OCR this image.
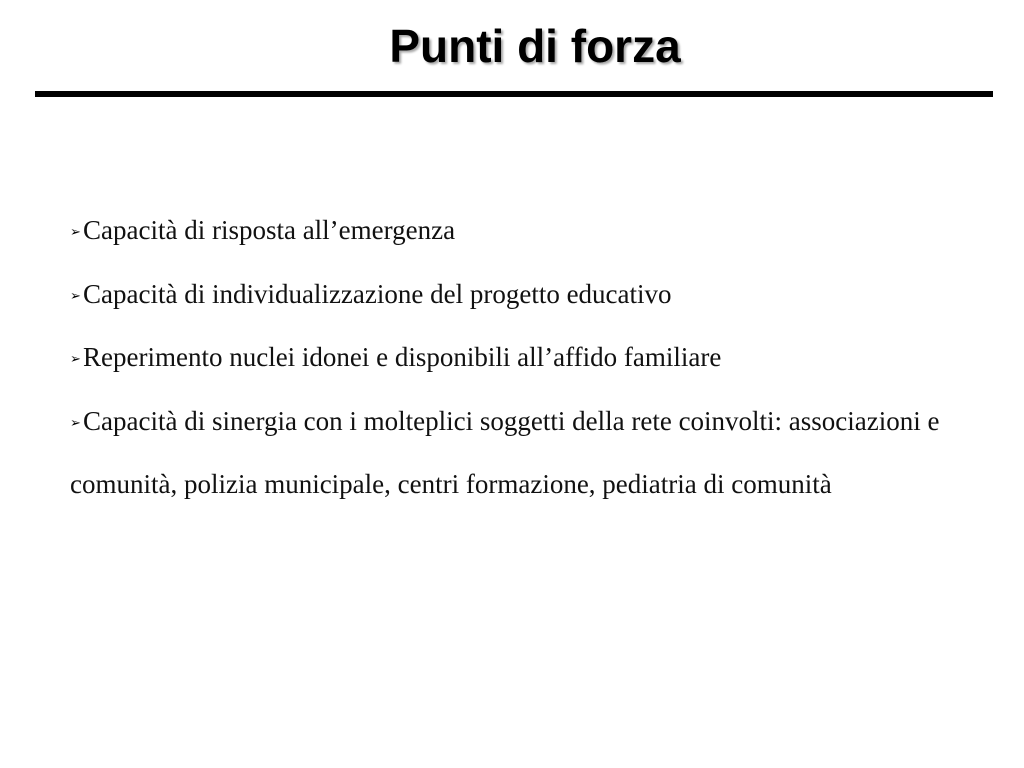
Punti di forza
➢Capacità di risposta all’emergenza
➢Capacità di individualizzazione del progetto educativo
➢Reperimento nuclei idonei e disponibili all’affido familiare
➢Capacità di sinergia con i molteplici soggetti della rete coinvolti: associazioni e comunità, polizia municipale, centri formazione, pediatria di comunità
